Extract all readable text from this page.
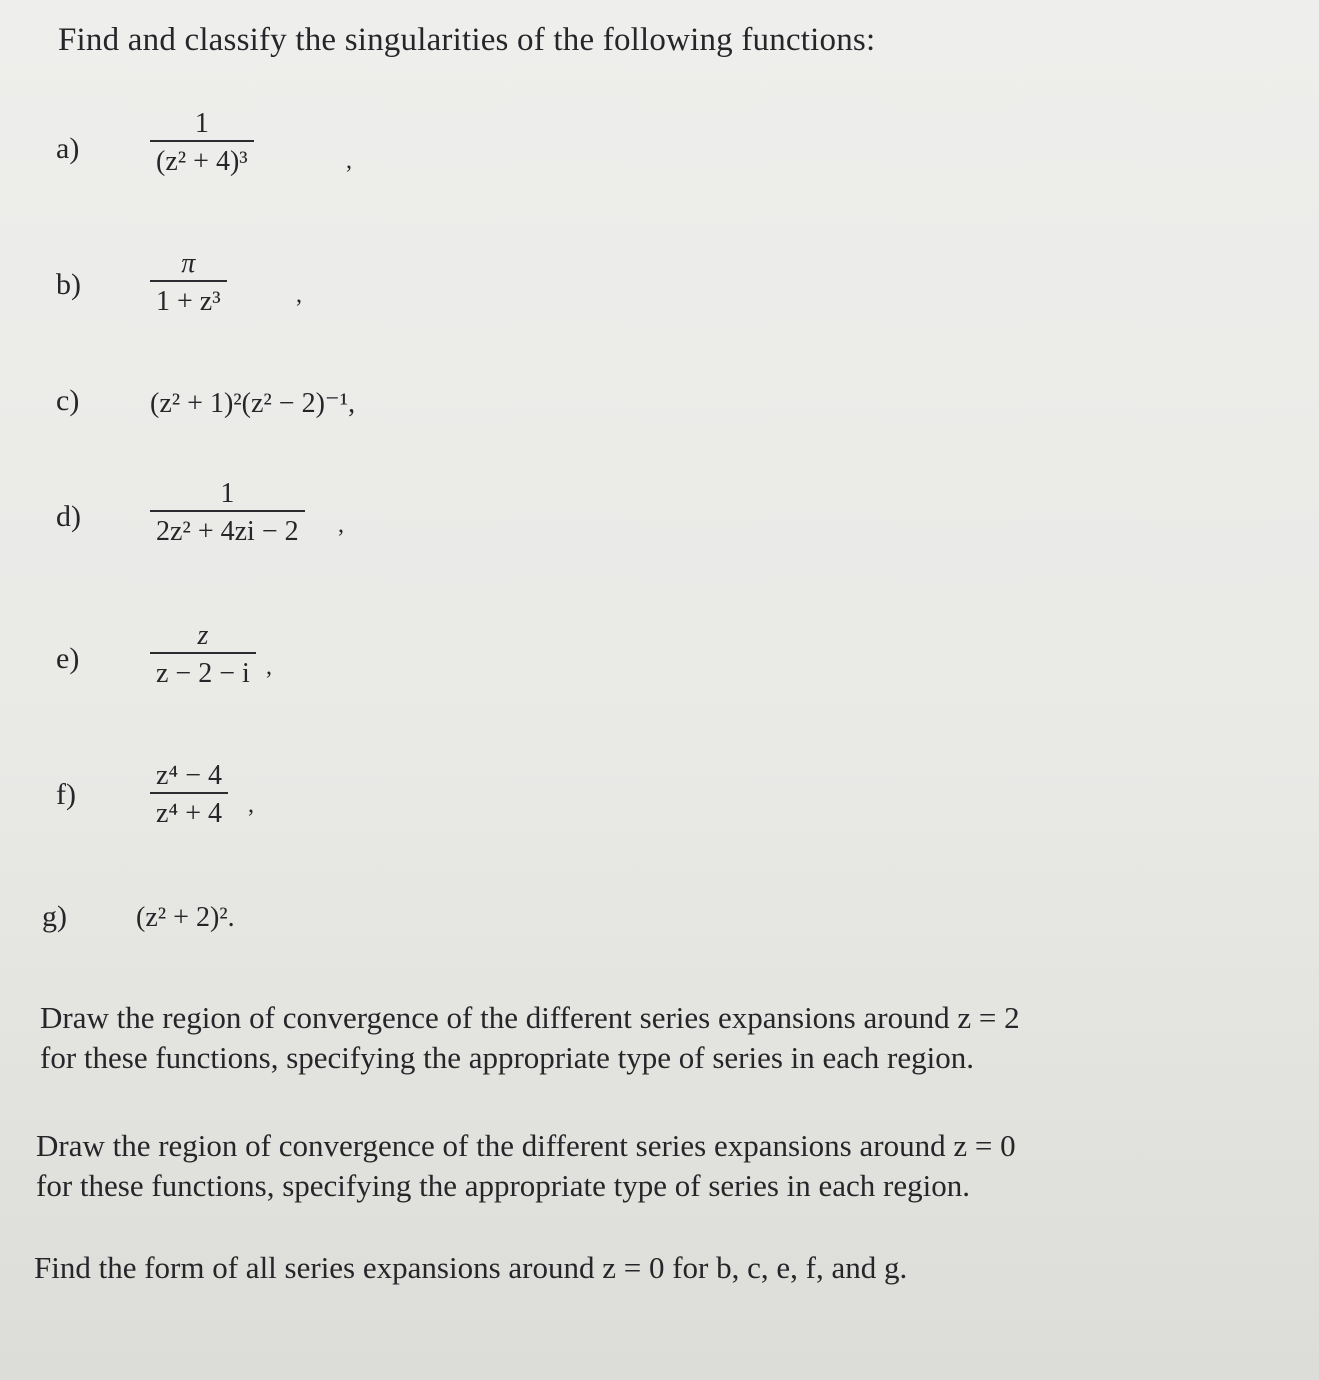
Find and classify the singularities of the following functions:
a)	$\frac{1}{\text{(z² + 4)³}}$	,
$b) \frac{\pi}{\text{1 + z³}}$	,
c)	(z² + 1)²(z² − 2)⁻¹,
$d) \frac{1}{\text{2z² + 4zi − 2}}$ ,
e)	$\frac{z}{z - 2 - i}$ ,
f)	$\frac{\text{z⁴ − 4}}{\text{z⁴ + 4}}$ ,
g) (z² + 2)².
Draw the region of convergence of the different series expansions around z = 2
for these functions, specifying the appropriate type of series in each region.
Draw the region of convergence of the different series expansions around z = 0
for these functions, specifying the appropriate type of series in each region.
Find the form of all series expansions around z = 0 for b, c, e, f, and g.
